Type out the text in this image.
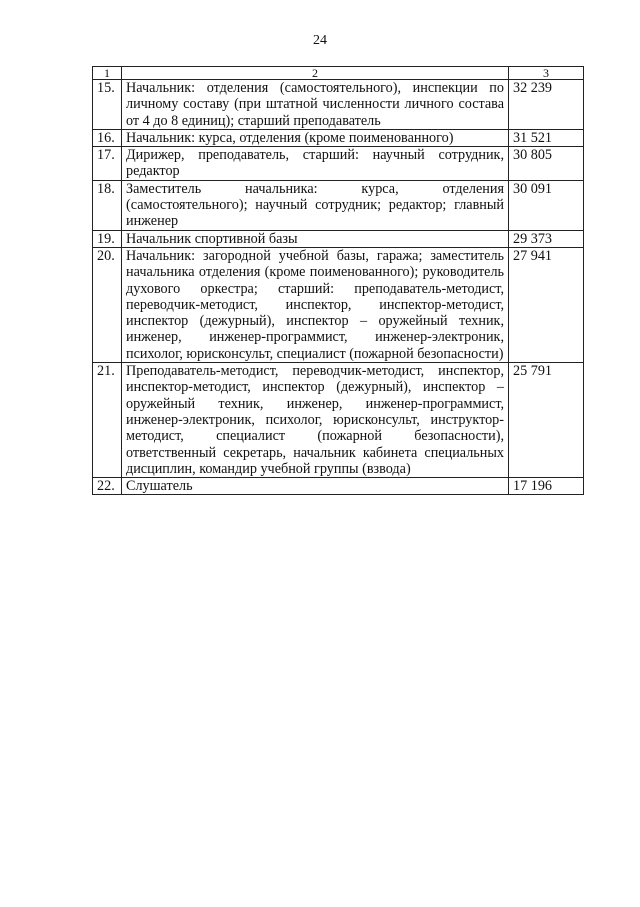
24
1	2	3
15.	Начальник: отделения (самостоятельного), инспекции по личному составу (при штатной численности личного состава от 4 до 8 единиц); старший преподаватель	32 239
16.	Начальник: курса, отделения (кроме поименованного)	31 521
17.	Дирижер, преподаватель, старший: научный сотрудник, редактор	30 805
18.	Заместитель начальника: курса, отделения (самостоятельного); научный сотрудник; редактор; главный инженер	30 091
19.	Начальник спортивной базы	29 373
20.	Начальник: загородной учебной базы, гаража; заместитель начальника отделения (кроме поименованного); руководитель духового оркестра; старший: преподаватель-методист, переводчик-методист, инспектор, инспектор-методист, инспектор (дежурный), инспектор – оружейный техник, инженер, инженер-программист, инженер-электроник, психолог, юрисконсульт, специалист (пожарной безопасности)	27 941
21.	Преподаватель-методист, переводчик-методист, инспектор, инспектор-методист, инспектор (дежурный), инспектор – оружейный техник, инженер, инженер-программист, инженер-электроник, психолог, юрисконсульт, инструктор-методист, специалист (пожарной безопасности), ответственный секретарь, начальник кабинета специальных дисциплин, командир учебной группы (взвода)	25 791
22.	Слушатель	17 196
